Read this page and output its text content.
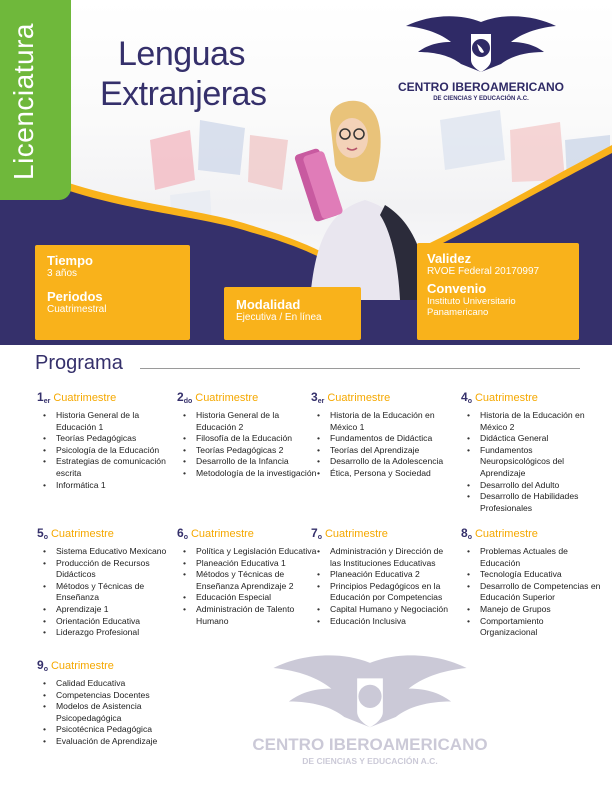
Licenciatura	Lenguas
Extranjeras	CENTRO IBEROAMERICANO
DE CIENCIAS Y EDUCACIÓN A.C.
Tiempo
3 años
Periodos
Cuatrimestral	Modalidad
Ejecutiva / En línea
Validez
RVOE Federal 20170997
Convenio
Instituto Universitario Panamericano
Programa
CENTRO IBEROAMERICANO
DE CIENCIAS Y EDUCACIÓN A.C.
1er Cuatrimestre
• Historia General de la Educación 1
• Teorías Pedagógicas
• Psicología de la Educación
• Estrategias de comunicación escrita
• Informática 1
2do Cuatrimestre
• Historia General de la Educación 2
• Filosofía de la Educación
• Teorías Pedagógicas 2
• Desarrollo de la Infancia
• Metodología de la investigación
3er Cuatrimestre
• Historia de la Educación en México 1
• Fundamentos de Didáctica
• Teorías del Aprendizaje
• Desarrollo de la Adolescencia
• Ética, Persona y Sociedad
4o Cuatrimestre
• Historia de la Educación en México 2
• Didáctica General
• Fundamentos Neuropsicológicos del Aprendizaje
• Desarrollo del Adulto
• Desarrollo de Habilidades Profesionales
5o Cuatrimestre
• Sistema Educativo Mexicano
• Producción de Recursos Didácticos
• Métodos y Técnicas de Enseñanza
• Aprendizaje 1
• Orientación Educativa
• Liderazgo Profesional
6o Cuatrimestre
• Política y Legislación Educativa
• Planeación Educativa 1
• Métodos y Técnicas de Enseñanza Aprendizaje 2
• Educación Especial
• Administración de Talento Humano
7o Cuatrimestre
• Administración y Dirección de las Instituciones Educativas
• Planeación Educativa 2
• Principios Pedagógicos en la Educación por Competencias
• Capital Humano y Negociación
• Educación Inclusiva
8o Cuatrimestre
• Problemas Actuales de Educación
• Tecnología Educativa
• Desarrollo de Competencias en Educación Superior
• Manejo de Grupos
• Comportamiento Organizacional
9o Cuatrimestre
• Calidad Educativa
• Competencias Docentes
• Modelos de Asistencia Psicopedagógica
• Psicotécnica Pedagógica
• Evaluación de Aprendizaje
